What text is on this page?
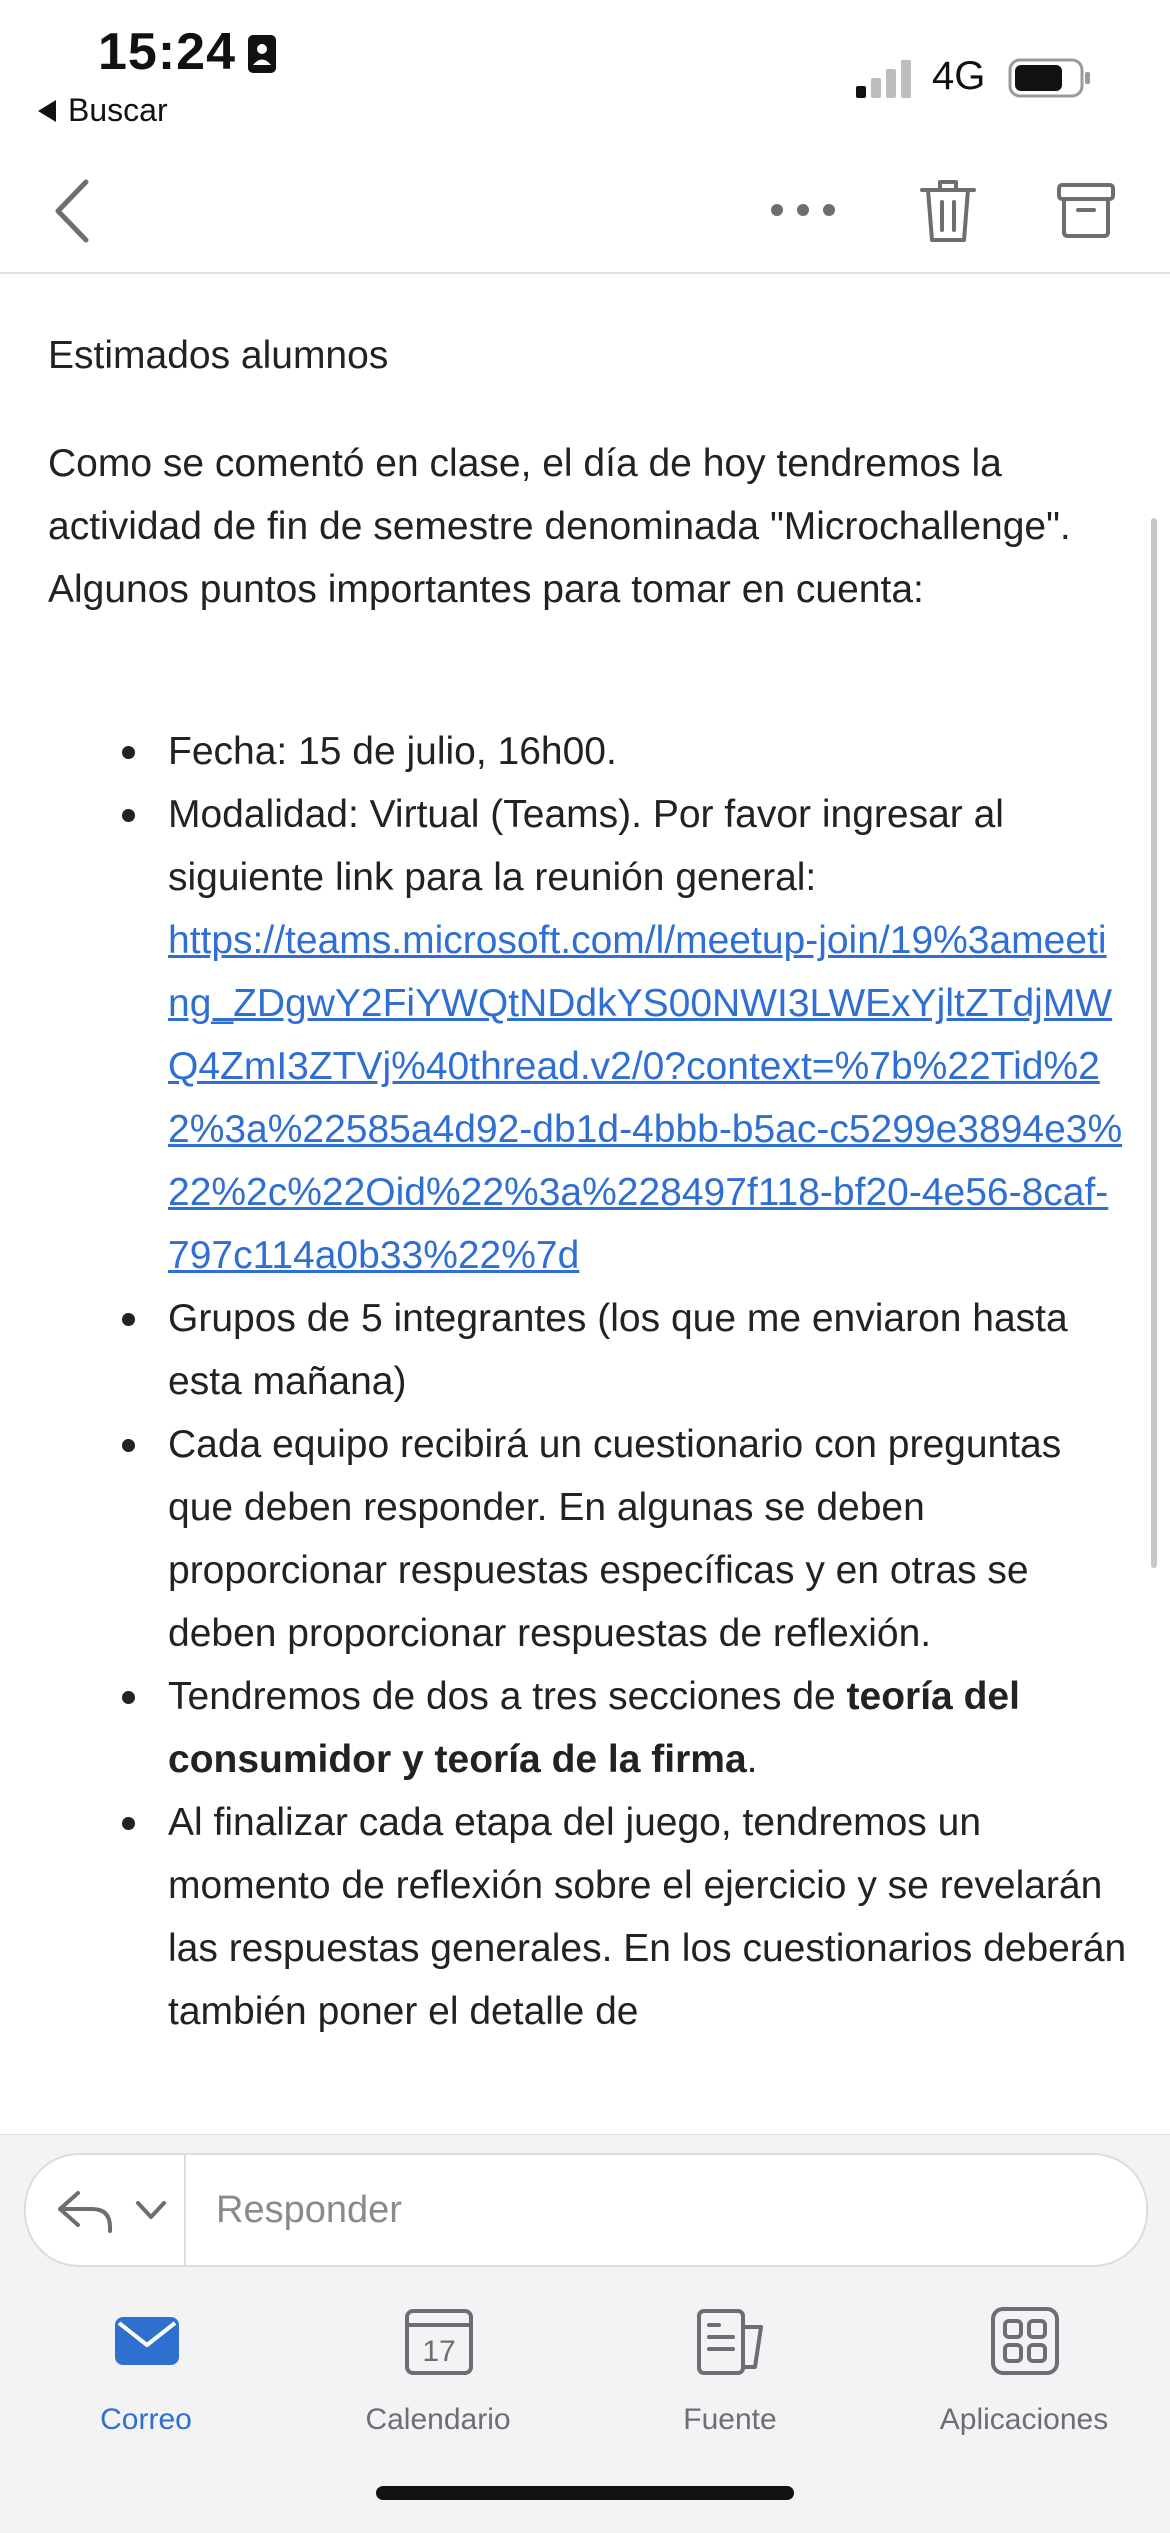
15:24
Buscar
4G
Estimados alumnos

Como se comentó en clase, el día de hoy tendremos la actividad de fin de semestre denominada "Microchallenge". Algunos puntos importantes para tomar en cuenta:

Fecha: 15 de julio, 16h00.
Modalidad: Virtual (Teams). Por favor ingresar al siguiente link para la reunión general:
https://teams.microsoft.com/l/meetup-join/19%3ameeting_ZDgwY2FiYWQtNDdkYS00NWI3LWExYjltZTdjMWQ4ZmI3ZTVj%40thread.v2/0?context=%7b%22Tid%22%3a%22585a4d92-db1d-4bbb-b5ac-c5299e3894e3%22%2c%22Oid%22%3a%228497f118-bf20-4e56-8caf-797c114a0b33%22%7d
Grupos de 5 integrantes (los que me enviaron hasta esta mañana)
Cada equipo recibirá un cuestionario con preguntas que deben responder. En algunas se deben proporcionar respuestas específicas y en otras se deben proporcionar respuestas de reflexión.
Tendremos de dos a tres secciones de teoría del consumidor y teoría de la firma.
Al finalizar cada etapa del juego, tendremos un momento de reflexión sobre el ejercicio y se revelarán las respuestas generales. En los cuestionarios deberán también poner el detalle de
Responder
Correo
17
Calendario	Fuente	Aplicaciones
